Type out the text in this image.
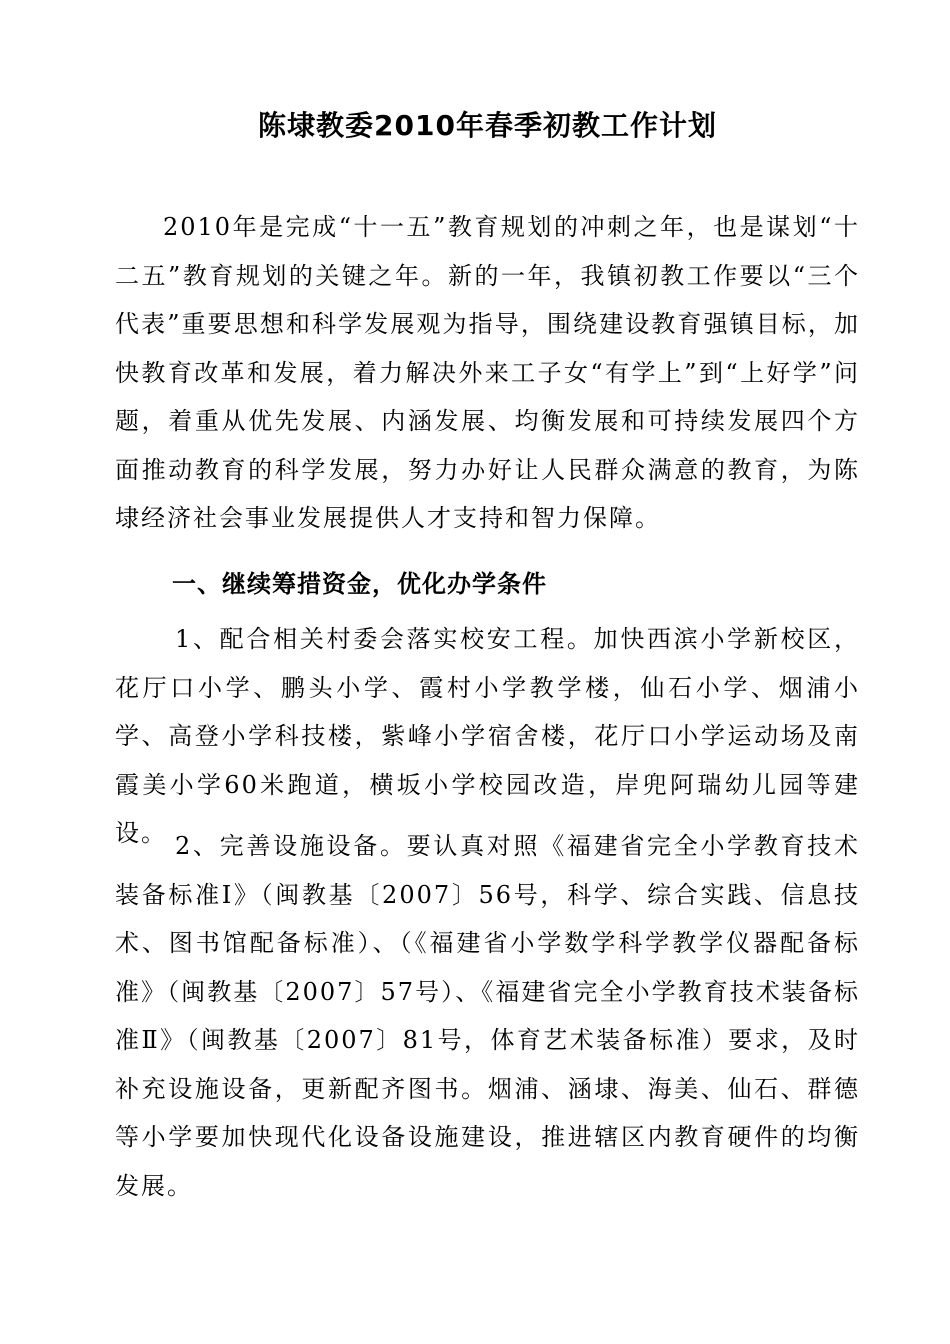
陈埭教委2010年春季初教工作计划

2010年是完成“十一五”教育规划的冲刺之年，也是谋划“十二五”教育规划的关键之年。新的一年，我镇初教工作要以“三个代表”重要思想和科学发展观为指导，围绕建设教育强镇目标，加快教育改革和发展，着力解决外来工子女“有学上”到“上好学”问题，着重从优先发展、内涵发展、均衡发展和可持续发展四个方面推动教育的科学发展，努力办好让人民群众满意的教育，为陈埭经济社会事业发展提供人才支持和智力保障。

一、继续筹措资金，优化办学条件

1、配合相关村委会落实校安工程。加快西滨小学新校区，花厅口小学、鹏头小学、霞村小学教学楼，仙石小学、烟浦小学、高登小学科技楼，紫峰小学宿舍楼，花厅口小学运动场及南霞美小学60米跑道，横坂小学校园改造，岸兜阿瑞幼儿园等建设。 2、完善设施设备。要认真对照《福建省完全小学教育技术装备标准Ⅰ》（闽教基〔2007〕56号，科学、综合实践、信息技术、图书馆配备标准）、（《福建省小学数学科学教学仪器配备标准》（闽教基〔2007〕57号）、《福建省完全小学教育技术装备标准Ⅱ》（闽教基〔2007〕81号，体育艺术装备标准）要求，及时补充设施设备，更新配齐图书。烟浦、涵埭、海美、仙石、群德等小学要加快现代化设备设施建设，推进辖区内教育硬件的均衡发展。
